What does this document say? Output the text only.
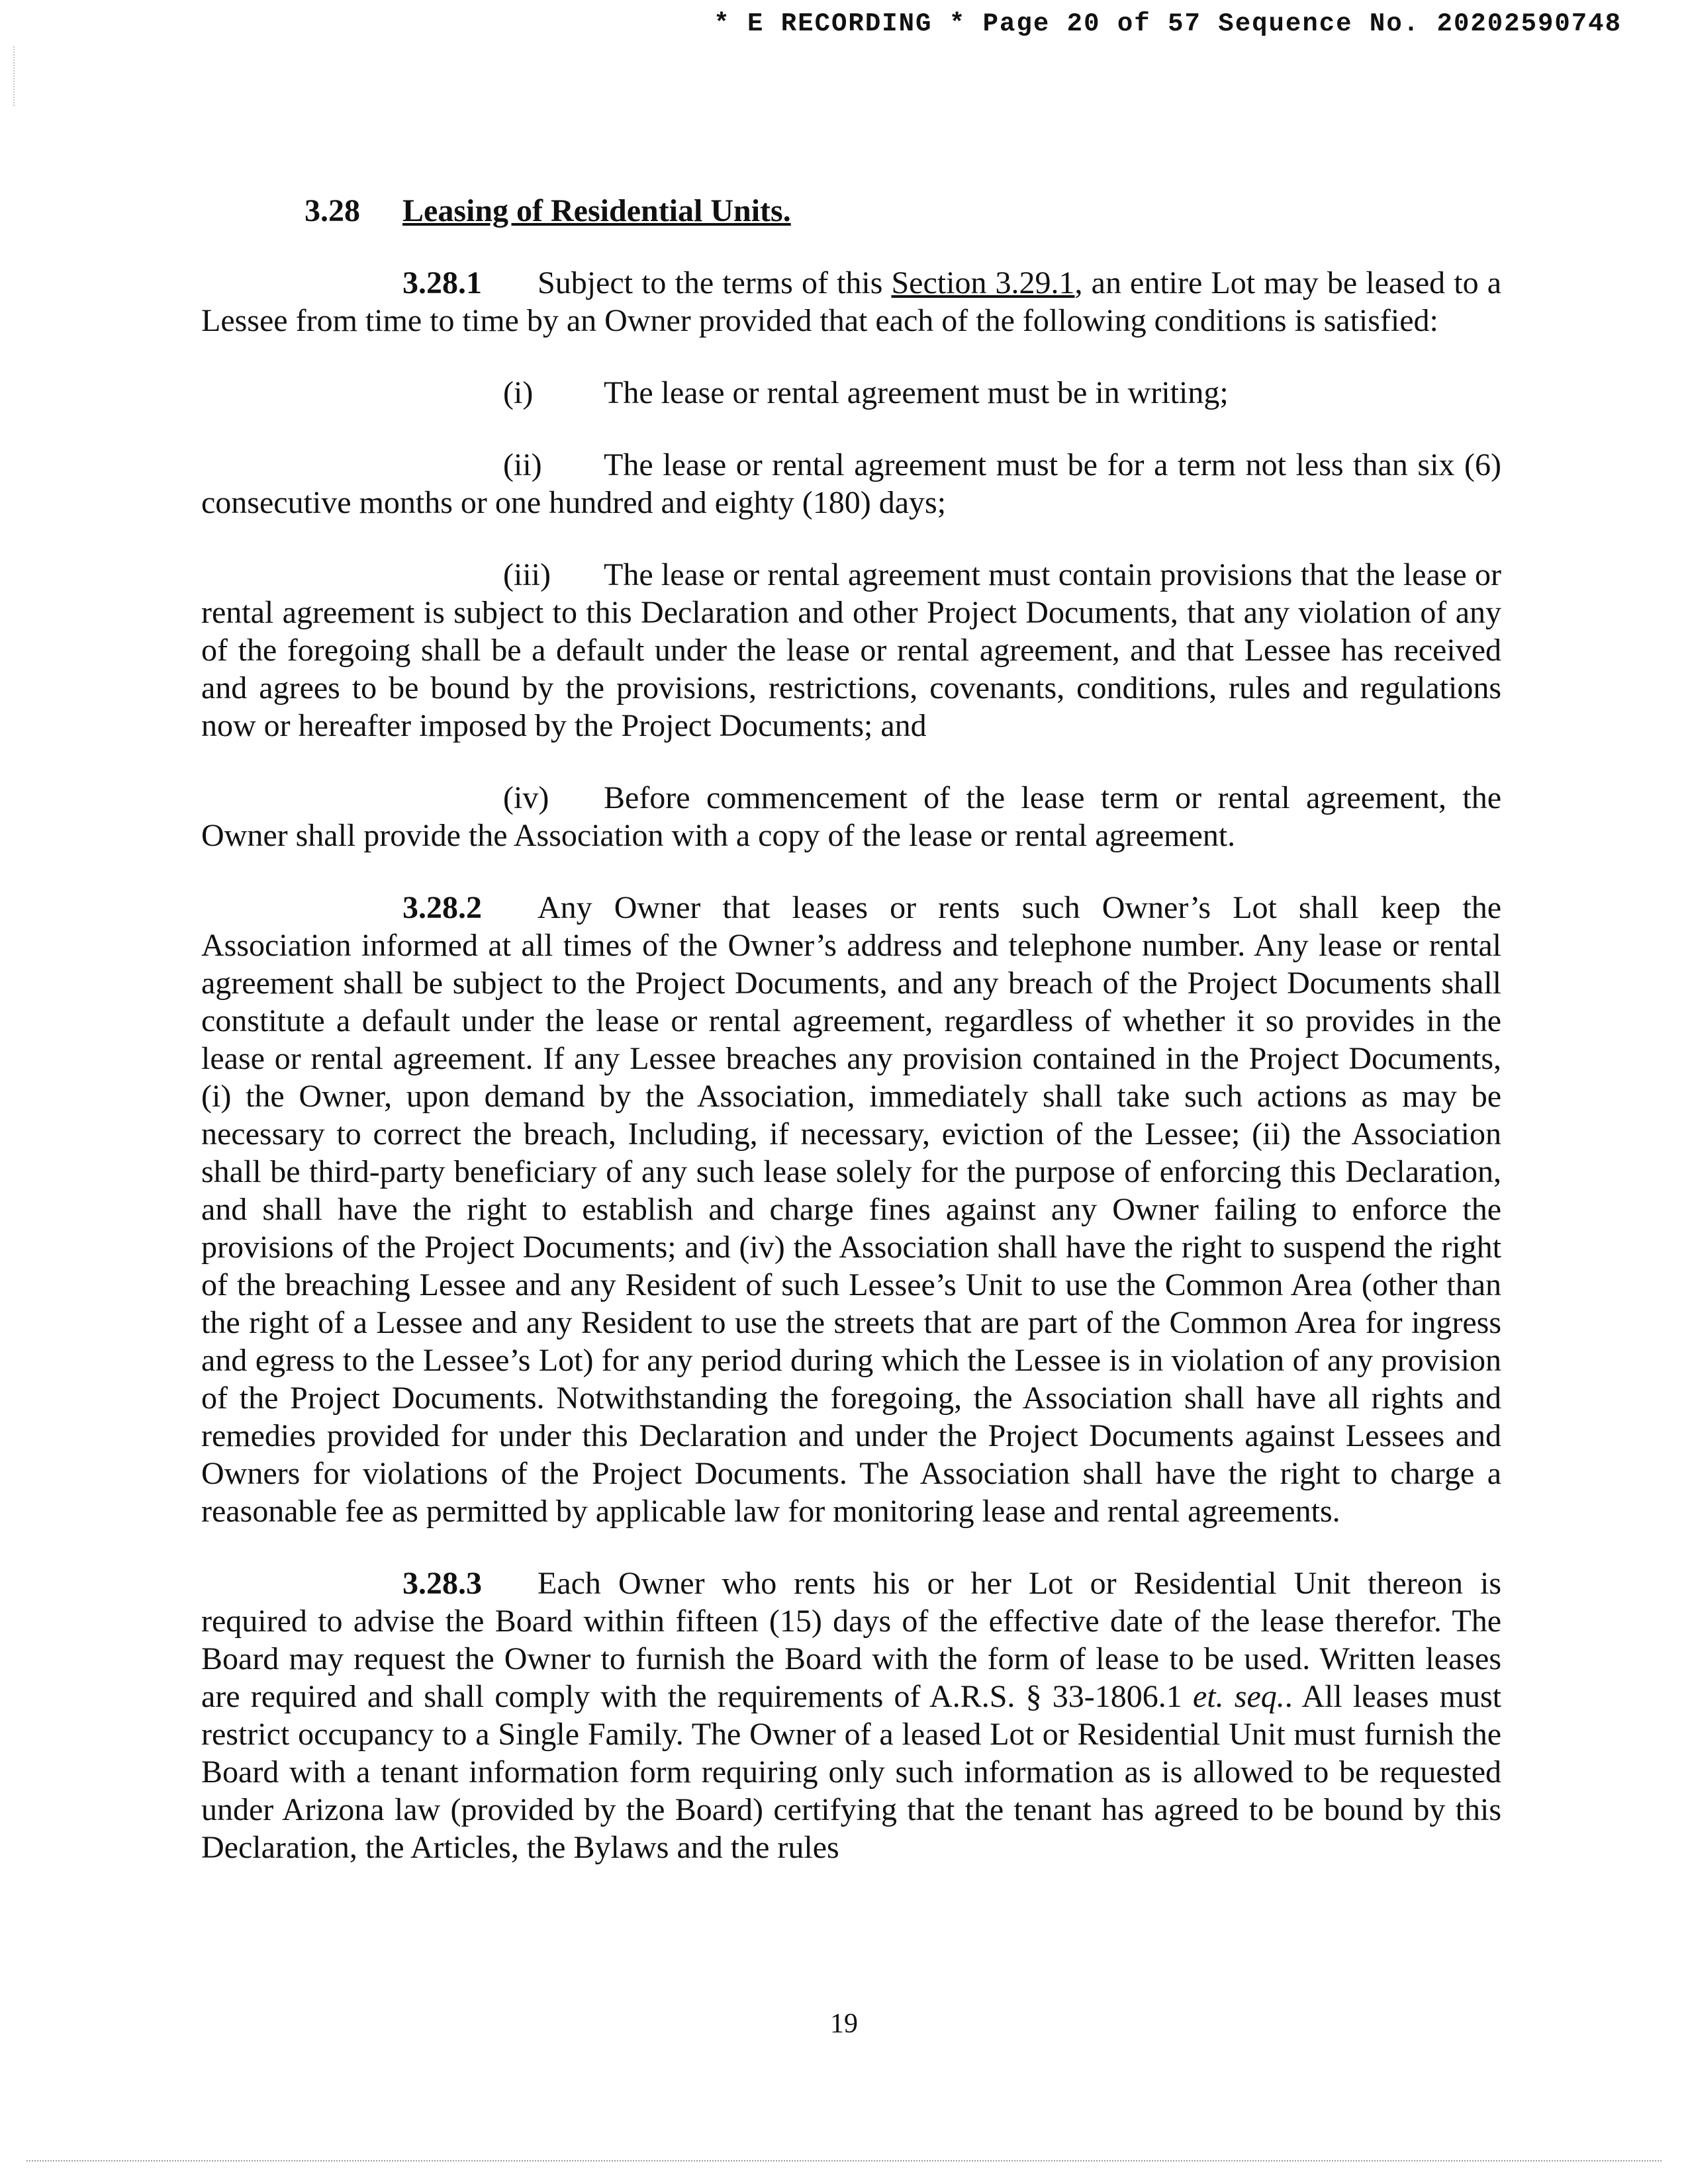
* E RECORDING * Page 20 of 57 Sequence No. 20202590748
3.28 Leasing of Residential Units.

3.28.1 Subject to the terms of this Section 3.29.1, an entire Lot may be leased to a Lessee from time to time by an Owner provided that each of the following conditions is satisfied:

(i) The lease or rental agreement must be in writing;

(ii) The lease or rental agreement must be for a term not less than six (6) consecutive months or one hundred and eighty (180) days;

(iii) The lease or rental agreement must contain provisions that the lease or rental agreement is subject to this Declaration and other Project Documents, that any violation of any of the foregoing shall be a default under the lease or rental agreement, and that Lessee has received and agrees to be bound by the provisions, restrictions, covenants, conditions, rules and regulations now or hereafter imposed by the Project Documents; and

(iv) Before commencement of the lease term or rental agreement, the Owner shall provide the Association with a copy of the lease or rental agreement.

3.28.2 Any Owner that leases or rents such Owner’s Lot shall keep the Association informed at all times of the Owner’s address and telephone number. Any lease or rental agreement shall be subject to the Project Documents, and any breach of the Project Documents shall constitute a default under the lease or rental agreement, regardless of whether it so provides in the lease or rental agreement. If any Lessee breaches any provision contained in the Project Documents, (i) the Owner, upon demand by the Association, immediately shall take such actions as may be necessary to correct the breach, Including, if necessary, eviction of the Lessee; (ii) the Association shall be third-party beneficiary of any such lease solely for the purpose of enforcing this Declaration, and shall have the right to establish and charge fines against any Owner failing to enforce the provisions of the Project Documents; and (iv) the Association shall have the right to suspend the right of the breaching Lessee and any Resident of such Lessee’s Unit to use the Common Area (other than the right of a Lessee and any Resident to use the streets that are part of the Common Area for ingress and egress to the Lessee’s Lot) for any period during which the Lessee is in violation of any provision of the Project Documents. Notwithstanding the foregoing, the Association shall have all rights and remedies provided for under this Declaration and under the Project Documents against Lessees and Owners for violations of the Project Documents. The Association shall have the right to charge a reasonable fee as permitted by applicable law for monitoring lease and rental agreements.

3.28.3 Each Owner who rents his or her Lot or Residential Unit thereon is required to advise the Board within fifteen (15) days of the effective date of the lease therefor. The Board may request the Owner to furnish the Board with the form of lease to be used. Written leases are required and shall comply with the requirements of A.R.S. § 33-1806.1 et. seq.. All leases must restrict occupancy to a Single Family. The Owner of a leased Lot or Residential Unit must furnish the Board with a tenant information form requiring only such information as is allowed to be requested under Arizona law (provided by the Board) certifying that the tenant has agreed to be bound by this Declaration, the Articles, the Bylaws and the rules

19
